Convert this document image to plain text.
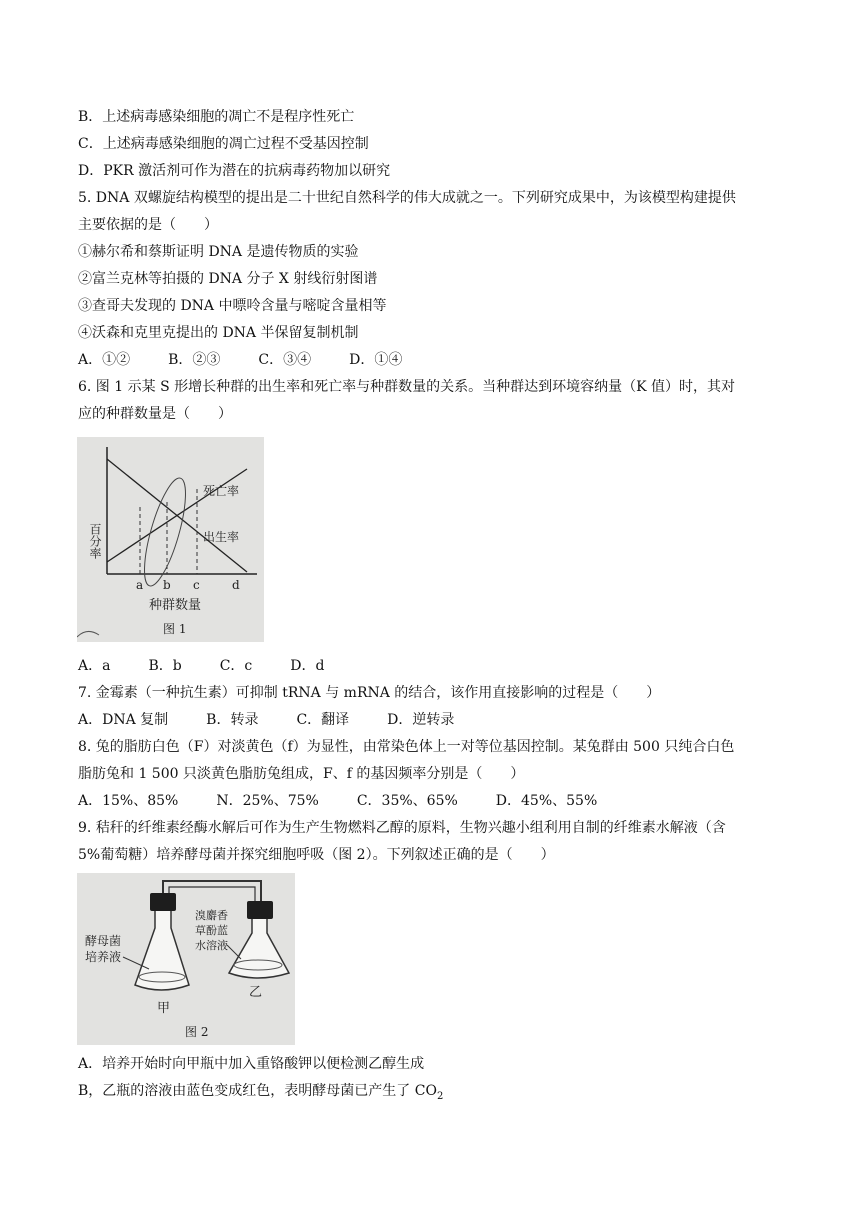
B．上述病毒感染细胞的凋亡不是程序性死亡
C．上述病毒感染细胞的凋亡过程不受基因控制
D．PKR 激活剂可作为潜在的抗病毒药物加以研究
5. DNA 双螺旋结构模型的提出是二十世纪自然科学的伟大成就之一。下列研究成果中，为该模型构建提供
主要依据的是（　　）
①赫尔希和蔡斯证明 DNA 是遗传物质的实验
②富兰克林等拍摄的 DNA 分子 X 射线衍射图谱
③查哥夫发现的 DNA 中嘌呤含量与嘧啶含量相等
④沃森和克里克提出的 DNA 半保留复制机制
A．①②	B．②③	C．③④	D．①④
6. 图 1 示某 S 形增长种群的出生率和死亡率与种群数量的关系。当种群达到环境容纳量（K 值）时，其对
应的种群数量是（　　）
百分率
死亡率
出生率
a b c	d
种群数量
图 1
A．a	B．b	C．c	D．d
7. 金霉素（一种抗生素）可抑制 tRNA 与 mRNA 的结合，该作用直接影响的过程是（　　）
A．DNA 复制	B．转录	C．翻译	D．逆转录
8. 兔的脂肪白色（F）对淡黄色（f）为显性，由常染色体上一对等位基因控制。某兔群由 500 只纯合白色
脂肪兔和 1 500 只淡黄色脂肪兔组成，F、f 的基因频率分别是（　　）
A．15%、85%	N．25%、75%	C．35%、65%	D．45%、55%
9. 秸秆的纤维素经酶水解后可作为生产生物燃料乙醇的原料，生物兴趣小组利用自制的纤维素水解液（含
5%葡萄糖）培养酵母菌并探究细胞呼吸（图 2）。下列叙述正确的是（　　）
酵母菌
培养液
溴麝香
草酚蓝
水溶液
甲
乙
图 2
A．培养开始时向甲瓶中加入重铬酸钾以便检测乙醇生成
B，乙瓶的溶液由蓝色变成红色，表明酵母菌已产生了 $CO_2$
